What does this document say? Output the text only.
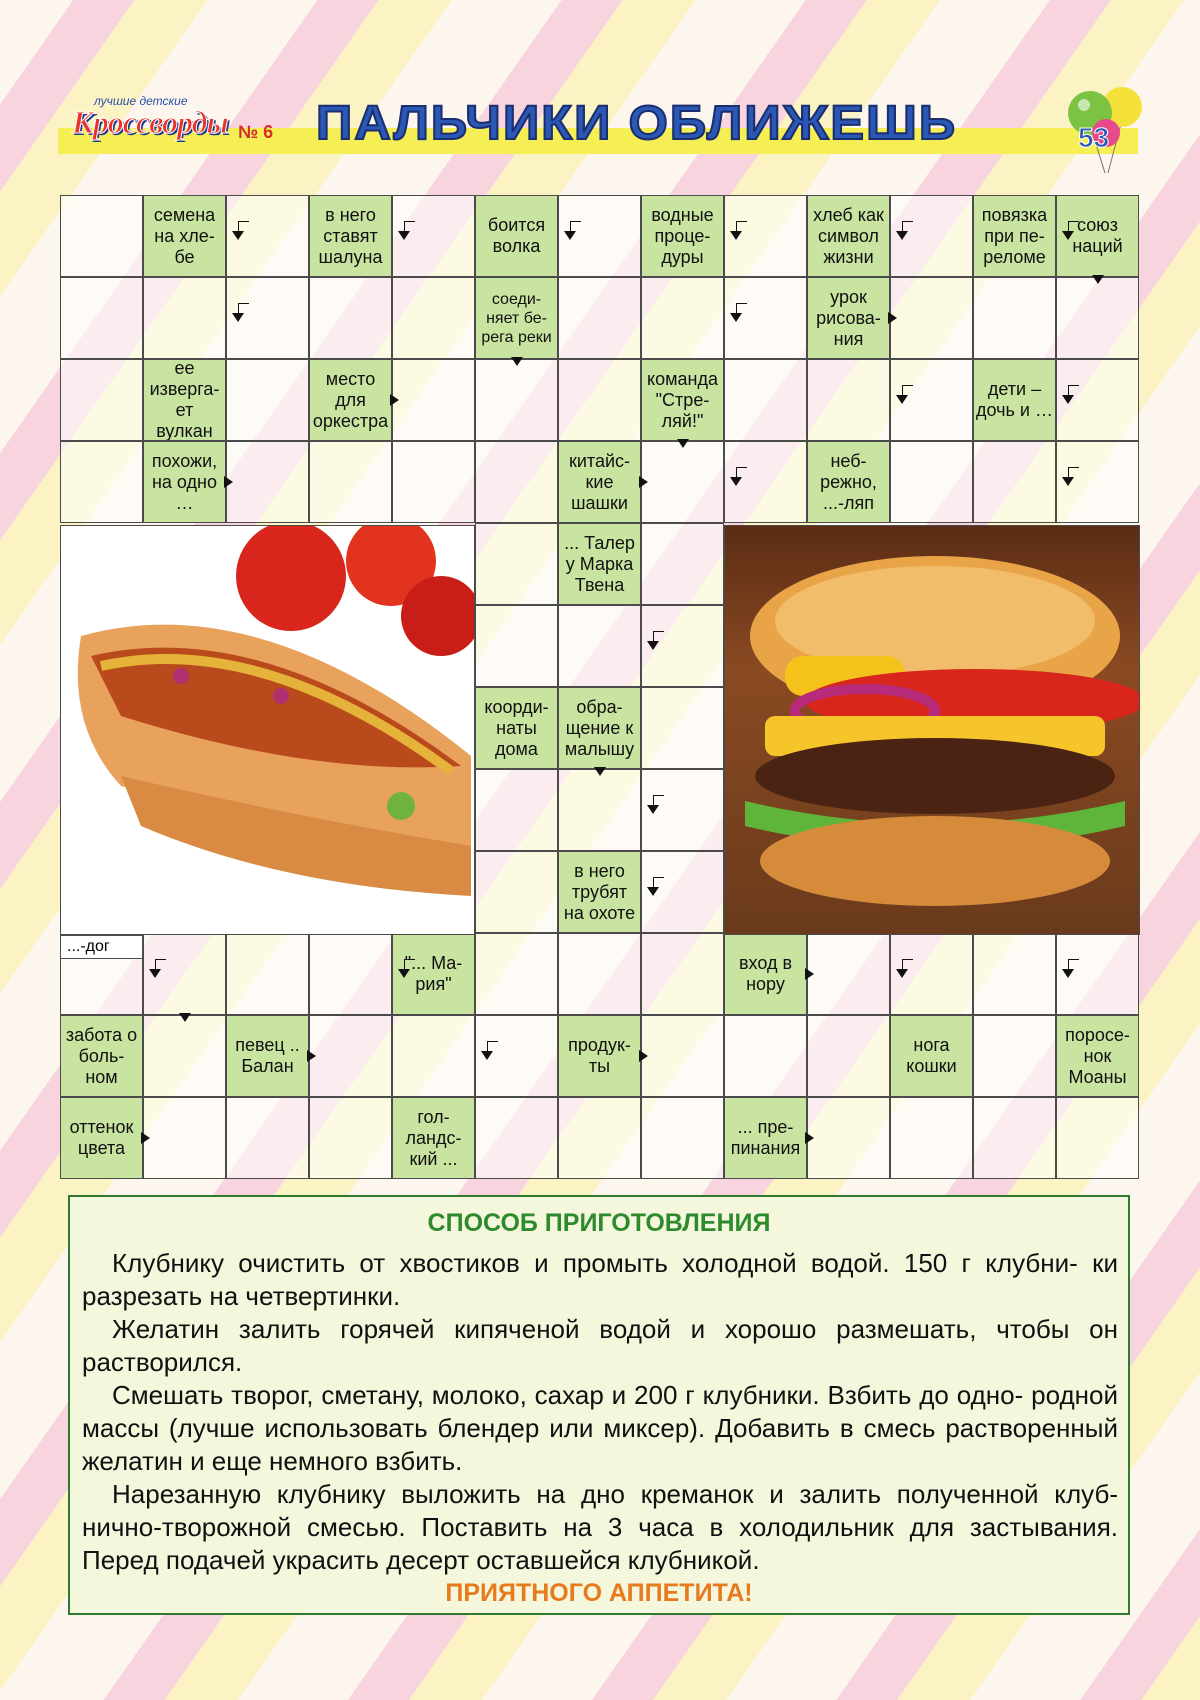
лучшие детские
Кроссворды № 6 ПАЛЬЧИКИ ОБЛИЖЕШЬ	53
семена на хле- бе
в него ставят шалуна
боится волка
водные проце- дуры
хлеб как символ жизни
повязка при пе- реломе
союз наций
соеди- няет бе- рега реки
урок рисова- ния
ее изверга- ет вулкан
место для оркестра
команда "Стре- ляй!"
дети – дочь и …
похожи, на одно …
китайс- кие шашки
неб- режно, ...-ляп
... Талер у Марка Твена
коорди- наты дома
обра- щение к малышу
в него трубят на охоте
"... Ма- рия"
вход в нору
забота о боль- ном
певец .. Балан
продук- ты
нога кошки
поросе- нок Моаны
оттенок цвета
гол- ландс- кий ...
... пре- пинания
...-дог
СПОСОБ ПРИГОТОВЛЕНИЯ

Клубнику очистить от хвостиков и промыть холодной водой. 150 г клубни- ки разрезать на четвертинки.

Желатин залить горячей кипяченой водой и хорошо размешать, чтобы он растворился.

Смешать творог, сметану, молоко, сахар и 200 г клубники. Взбить до одно- родной массы (лучше использовать блендер или миксер). Добавить в смесь растворенный желатин и еще немного взбить.

Нарезанную клубнику выложить на дно креманок и залить полученной клуб- нично-творожной смесью. Поставить на 3 часа в холодильник для застывания. Перед подачей украсить десерт оставшейся клубникой.

ПРИЯТНОГО АППЕТИТА!
